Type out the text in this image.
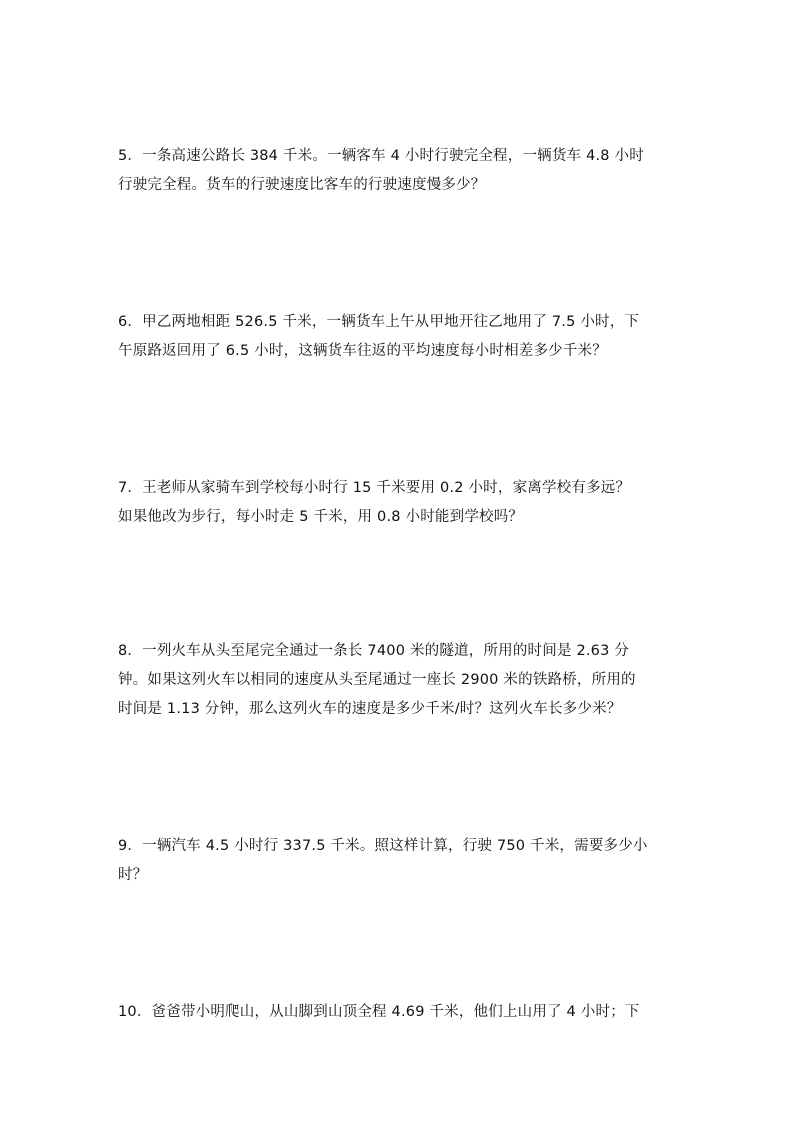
5．一条高速公路长 384 千米。一辆客车 4 小时行驶完全程，一辆货车 4.8 小时
行驶完全程。货车的行驶速度比客车的行驶速度慢多少？
6．甲乙两地相距 526.5 千米，一辆货车上午从甲地开往乙地用了 7.5 小时，下
午原路返回用了 6.5 小时，这辆货车往返的平均速度每小时相差多少千米？
7．王老师从家骑车到学校每小时行 15 千米要用 0.2 小时，家离学校有多远？
如果他改为步行，每小时走 5 千米，用 0.8 小时能到学校吗？
8．一列火车从头至尾完全通过一条长 7400 米的隧道，所用的时间是 2.63 分
钟。如果这列火车以相同的速度从头至尾通过一座长 2900 米的铁路桥，所用的
时间是 1.13 分钟，那么这列火车的速度是多少千米/时？这列火车长多少米？
9．一辆汽车 4.5 小时行 337.5 千米。照这样计算，行驶 750 千米，需要多少小
时？
10．爸爸带小明爬山，从山脚到山顶全程 4.69 千米，他们上山用了 4 小时；下
